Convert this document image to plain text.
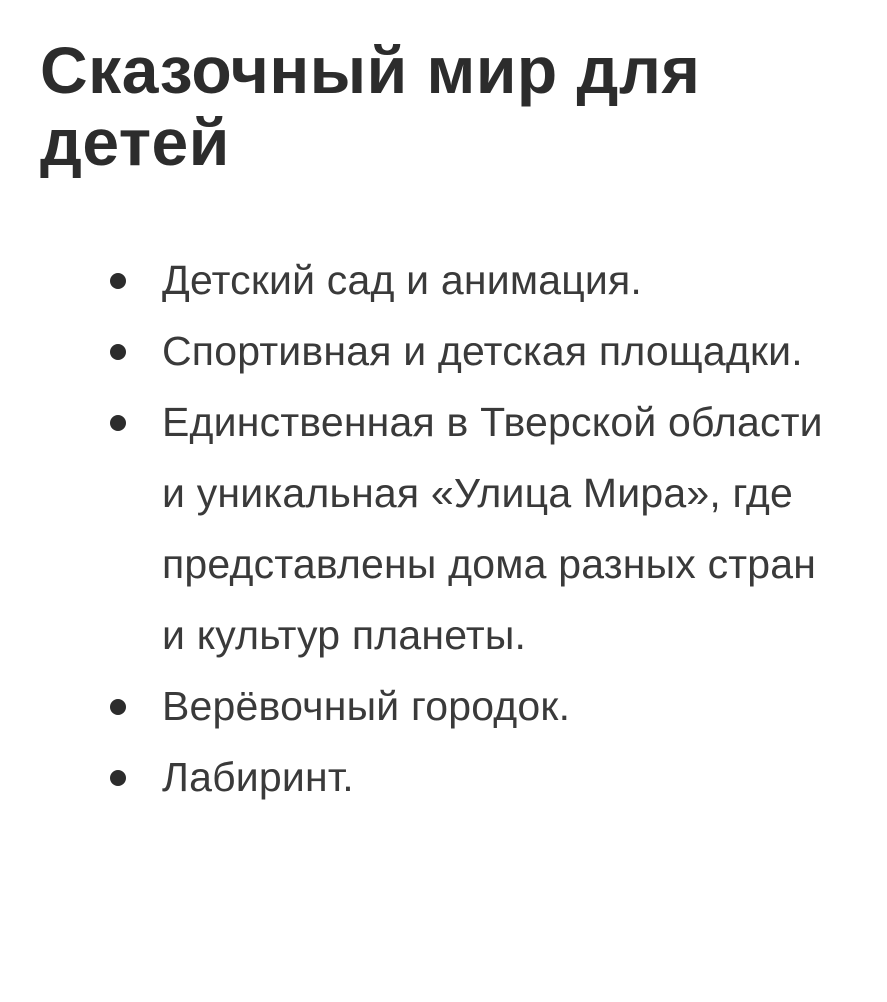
Сказочный мир для детей
Детский сад и анимация.
Спортивная и детская площадки.
Единственная в Тверской области и уникальная «Улица Мира», где представлены дома разных стран и культур планеты.
Верёвочный городок.
Лабиринт.
